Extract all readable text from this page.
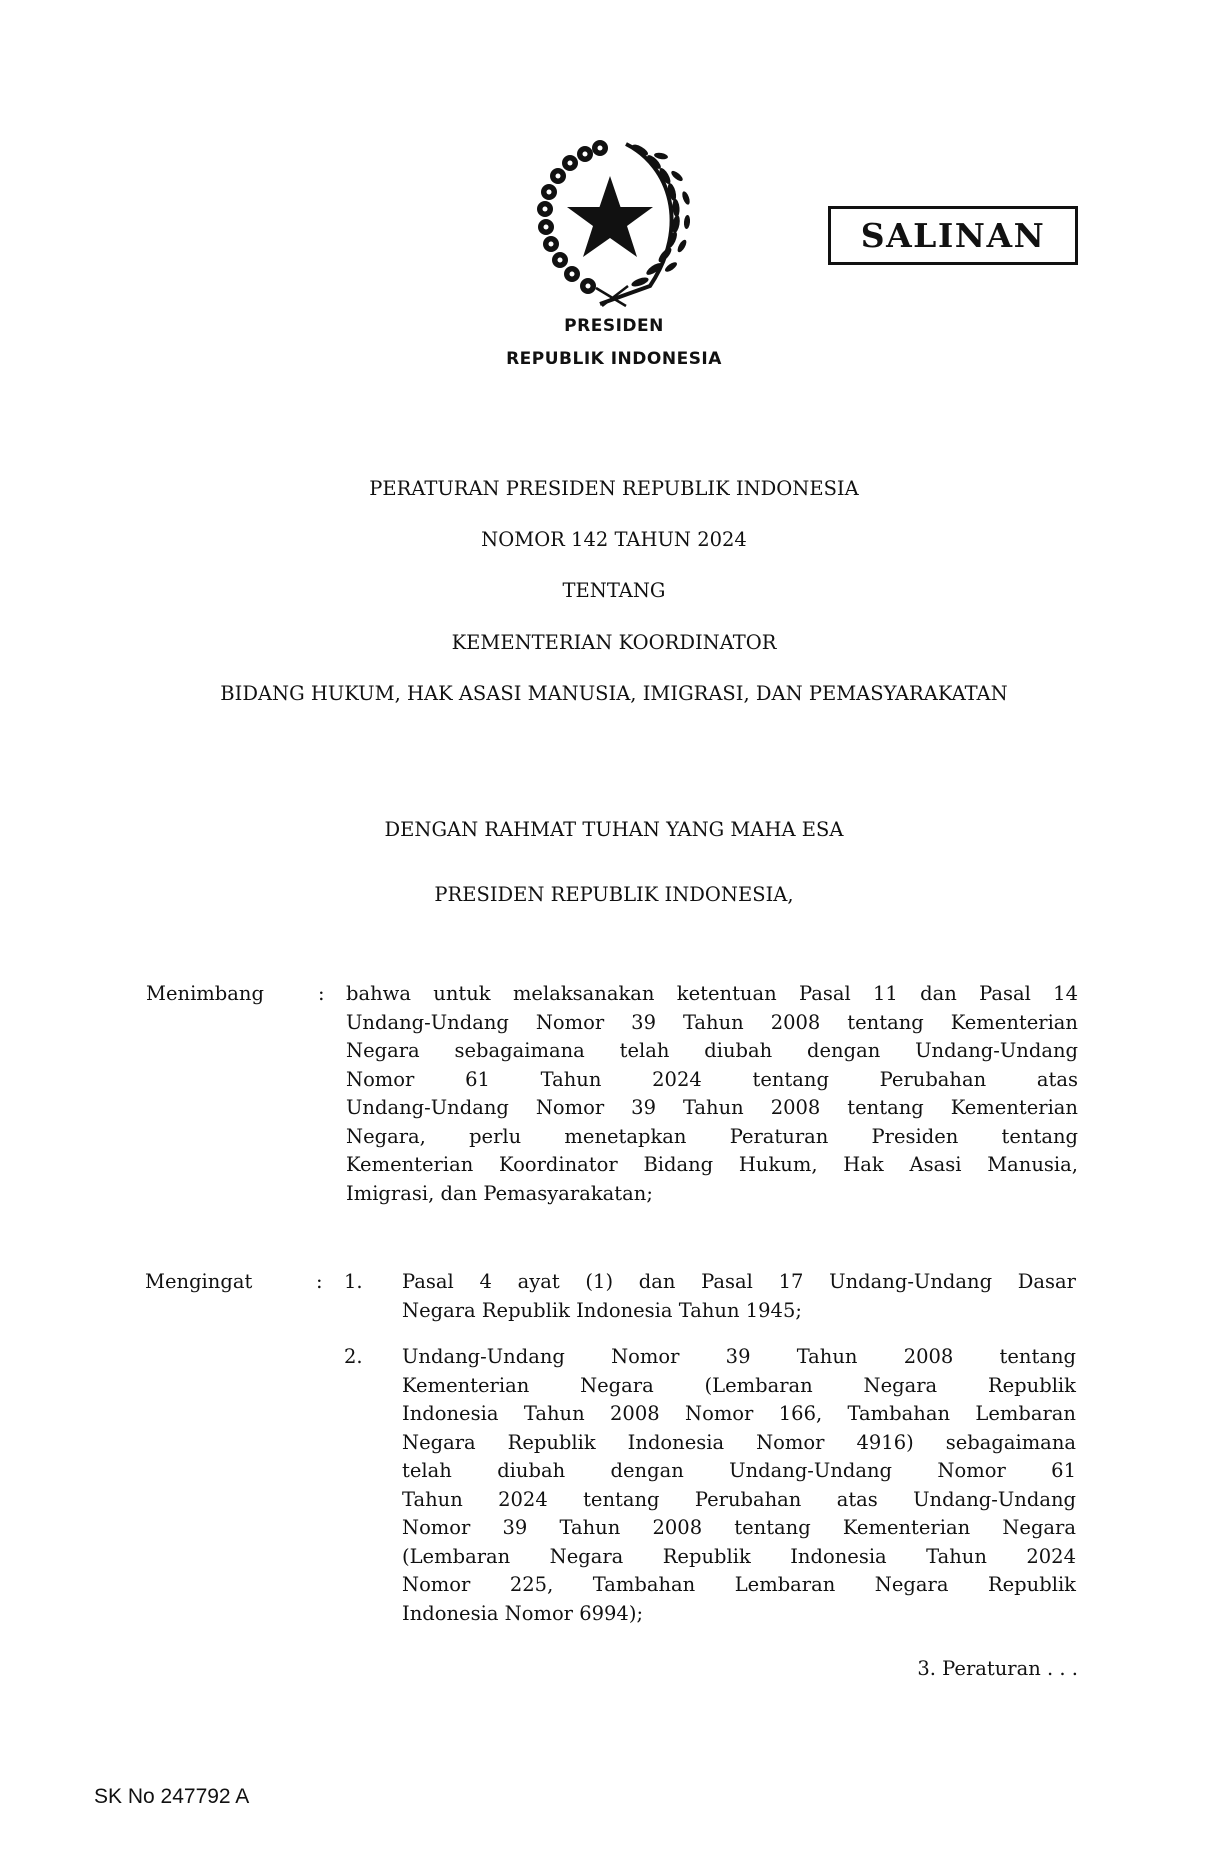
PRESIDEN
REPUBLIK INDONESIA
SALINAN
PERATURAN PRESIDEN REPUBLIK INDONESIA
NOMOR 142 TAHUN 2024
TENTANG
KEMENTERIAN KOORDINATOR
BIDANG HUKUM, HAK ASASI MANUSIA, IMIGRASI, DAN PEMASYARAKATAN
DENGAN RAHMAT TUHAN YANG MAHA ESA
PRESIDEN REPUBLIK INDONESIA,
Menimbang	: bahwa untuk melaksanakan ketentuan Pasal 11 dan Pasal 14
Undang-Undang Nomor 39 Tahun 2008 tentang Kementerian
Negara sebagaimana telah diubah dengan Undang-Undang
Nomor 61 Tahun 2024 tentang Perubahan atas
Undang-Undang Nomor 39 Tahun 2008 tentang Kementerian
Negara, perlu menetapkan Peraturan Presiden tentang
Kementerian Koordinator Bidang Hukum, Hak Asasi Manusia,
Imigrasi, dan Pemasyarakatan;
Mengingat	: 1. Pasal 4 ayat (1) dan Pasal 17 Undang-Undang Dasar
Negara Republik Indonesia Tahun 1945;
2. Undang-Undang Nomor 39 Tahun 2008 tentang
Kementerian Negara (Lembaran Negara Republik
Indonesia Tahun 2008 Nomor 166, Tambahan Lembaran
Negara Republik Indonesia Nomor 4916) sebagaimana
telah diubah dengan Undang-Undang Nomor 61
Tahun 2024 tentang Perubahan atas Undang-Undang
Nomor 39 Tahun 2008 tentang Kementerian Negara
(Lembaran Negara Republik Indonesia Tahun 2024
Nomor 225, Tambahan Lembaran Negara Republik
Indonesia Nomor 6994);
3. Peraturan . . .
SK No 247792 A
